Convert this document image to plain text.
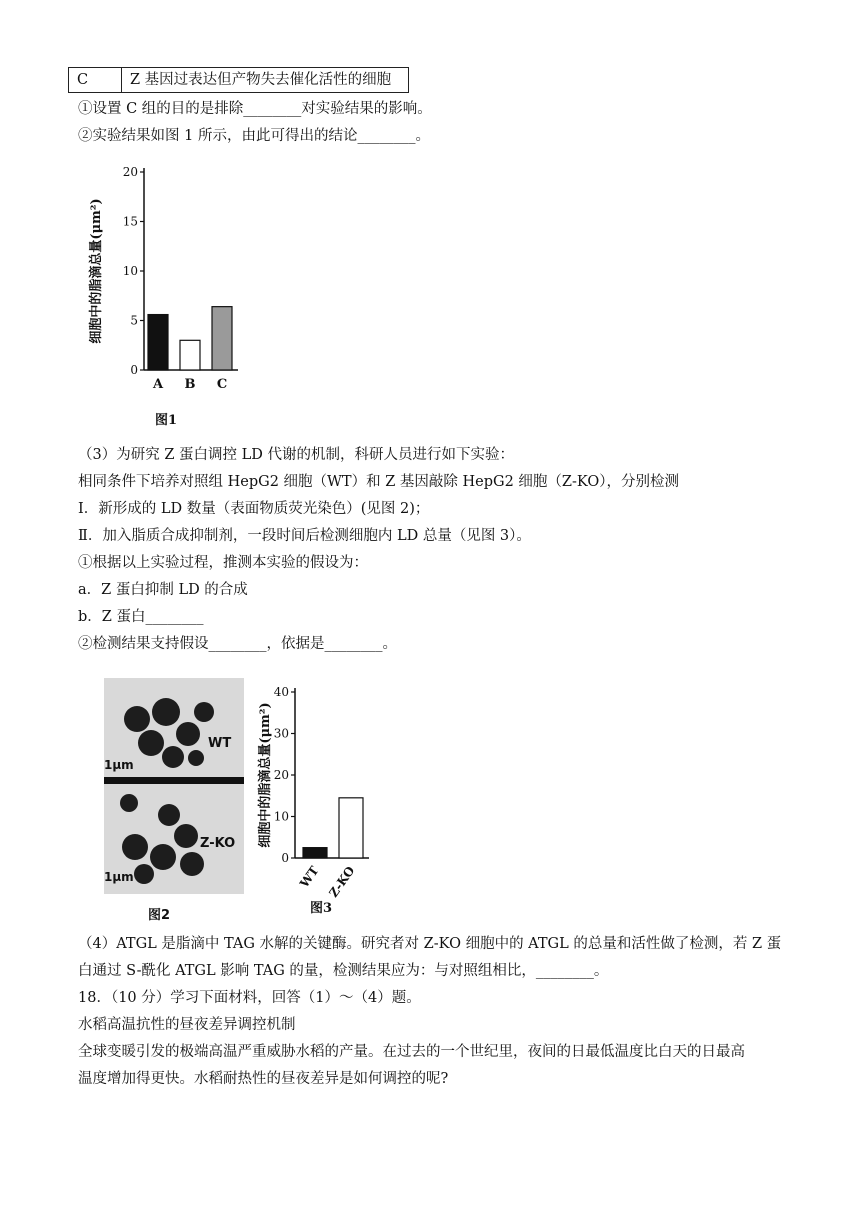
C	Z 基因过表达但产物失去催化活性的细胞
①设置 C 组的目的是排除________对实验结果的影响。
②实验结果如图 1 所示，由此可得出的结论________。
0
5
10
15
20
A B C
细胞中的脂滴总量(μm²)
图1
（3）为研究 Z 蛋白调控 LD 代谢的机制，科研人员进行如下实验：
相同条件下培养对照组 HepG2 细胞（WT）和 Z 基因敲除 HepG2 细胞（Z-KO），分别检测
I．新形成的 LD 数量（表面物质荧光染色）(见图 2)；
Ⅱ．加入脂质合成抑制剂，一段时间后检测细胞内 LD 总量（见图 3）。
①根据以上实验过程，推测本实验的假设为：
a．Z 蛋白抑制 LD 的合成
b．Z 蛋白________
②检测结果支持假设________，依据是________。
WT
Z-KO
1μm
1μm
图2
0
10
20
30
40
WT Z-KO
细胞中的脂滴总量(μm²)
图3
（4）ATGL 是脂滴中 TAG 水解的关键酶。研究者对 Z-KO 细胞中的 ATGL 的总量和活性做了检测，若 Z 蛋
白通过 S-酰化 ATGL 影响 TAG 的量，检测结果应为：与对照组相比，________。
18．（10 分）学习下面材料，回答（1）～（4）题。
水稻高温抗性的昼夜差异调控机制
全球变暖引发的极端高温严重威胁水稻的产量。在过去的一个世纪里，夜间的日最低温度比白天的日最高
温度增加得更快。水稻耐热性的昼夜差异是如何调控的呢?
